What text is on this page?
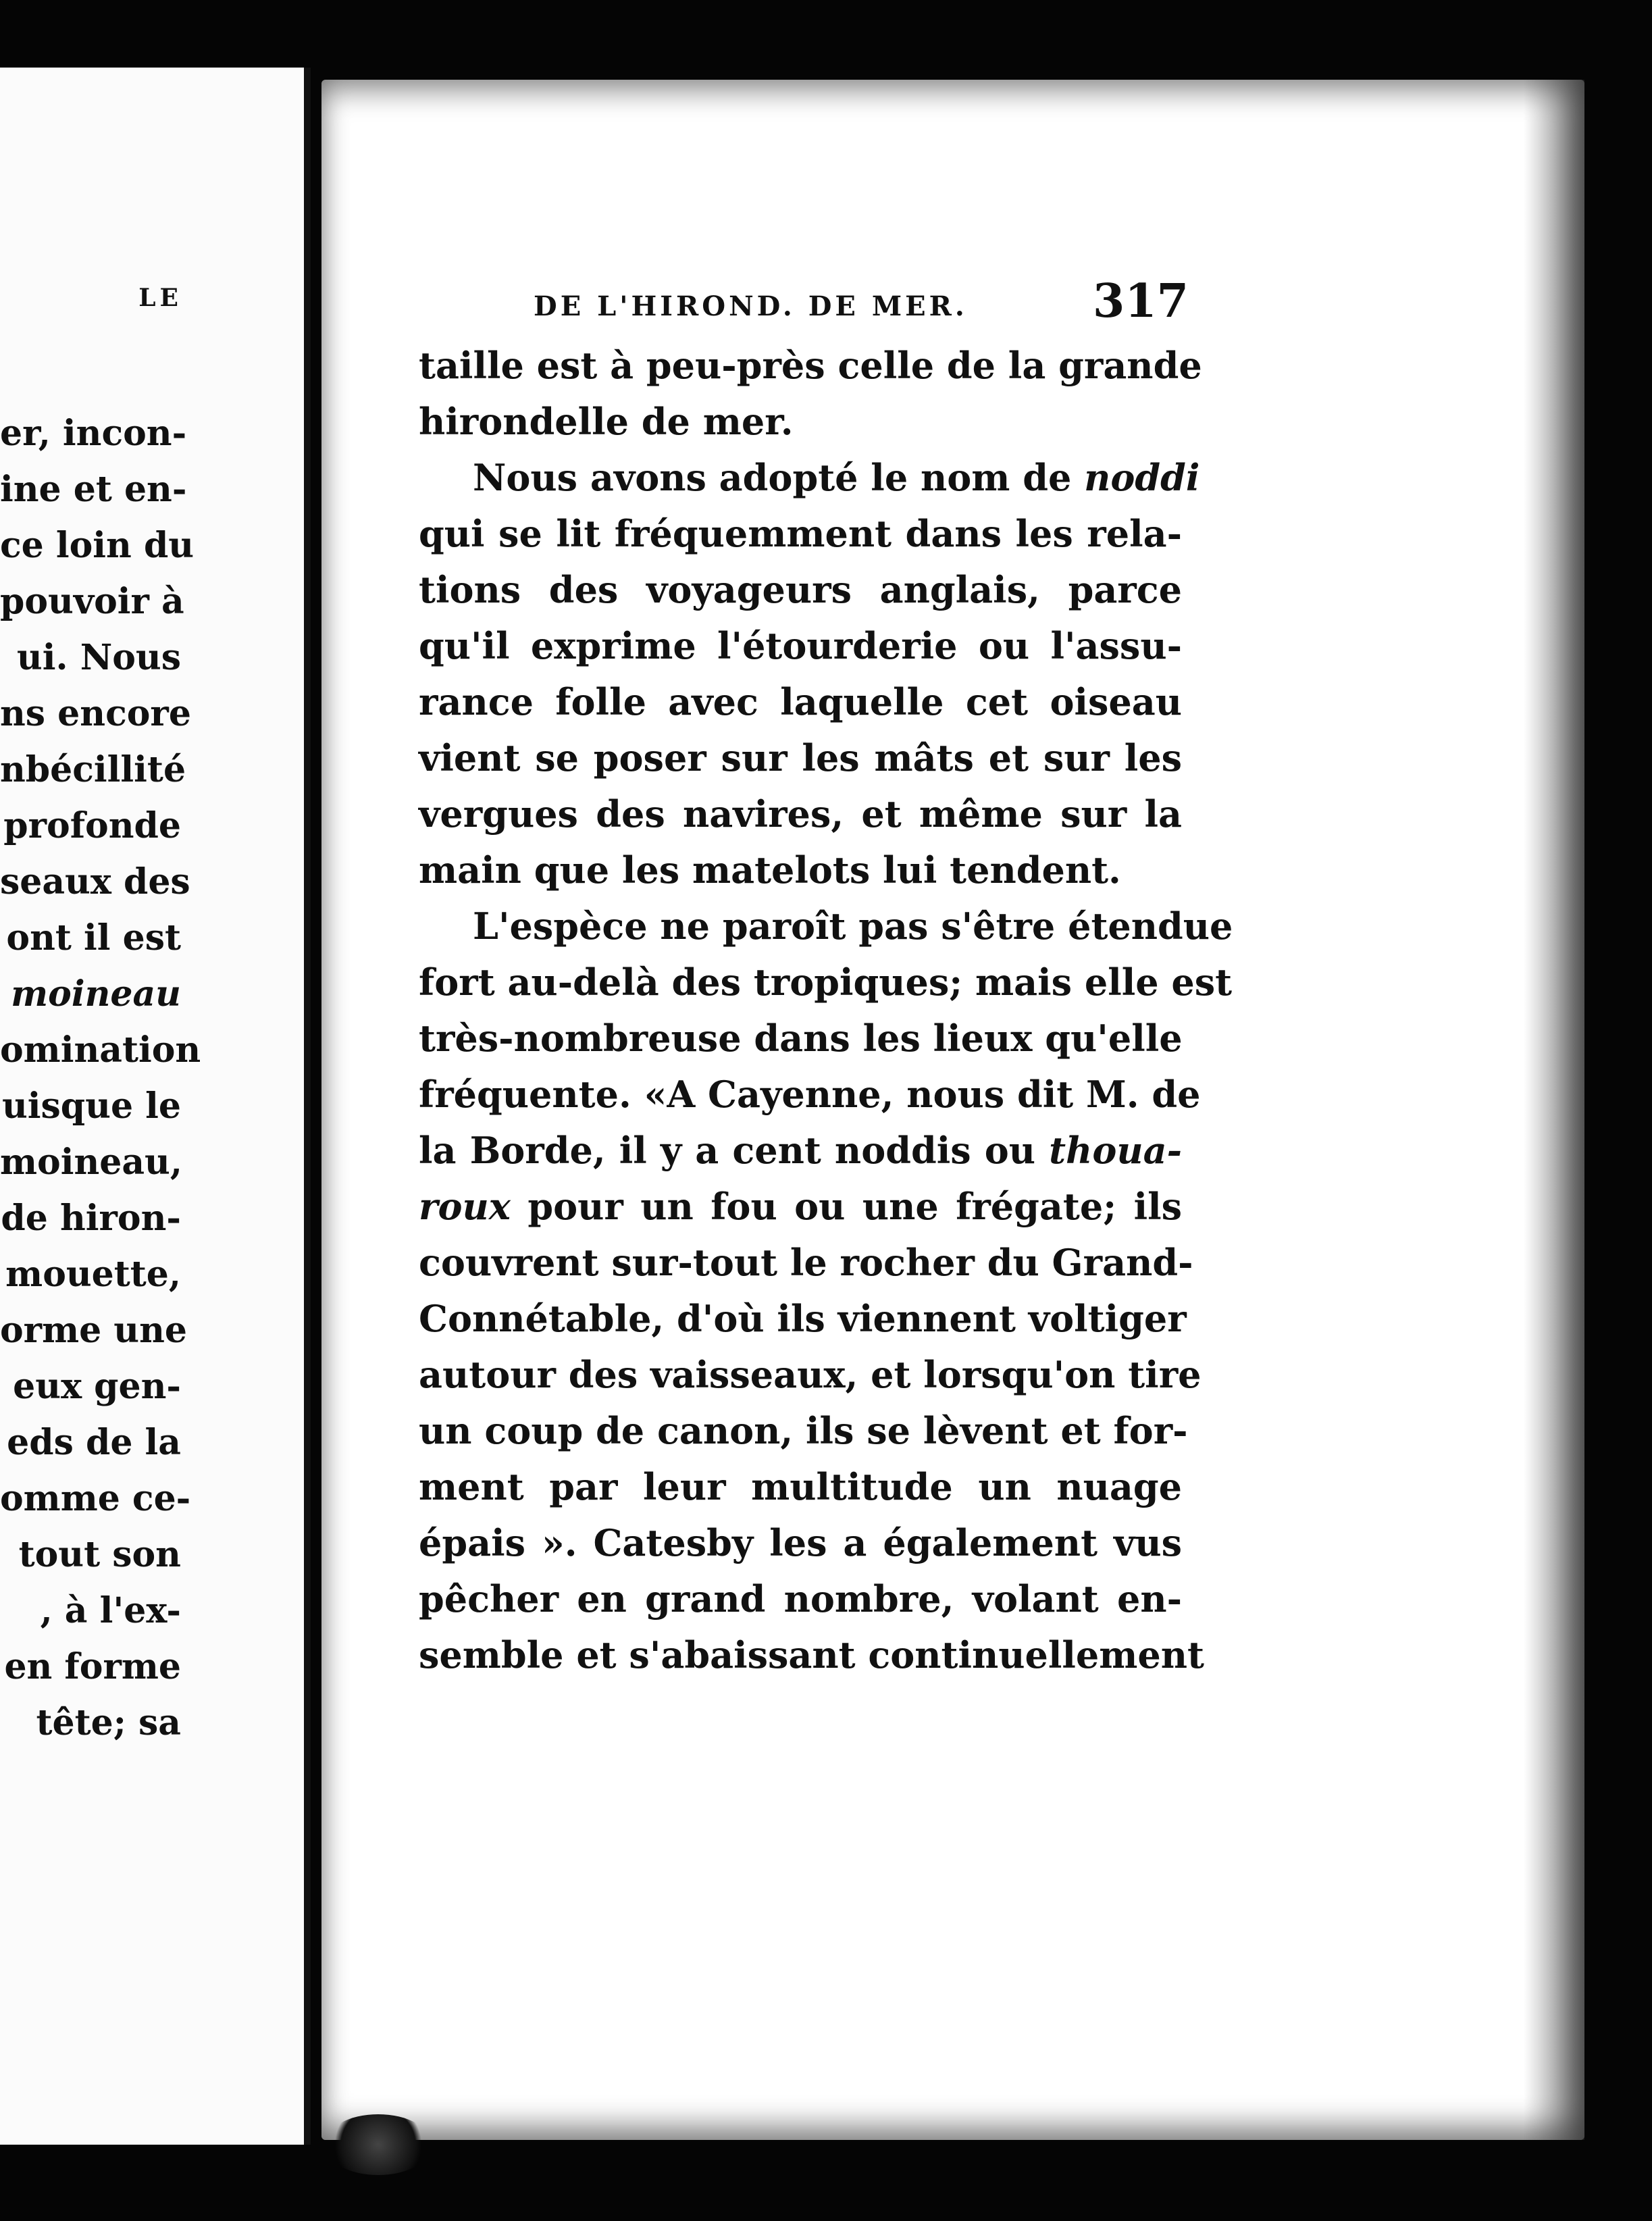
LE
er, incon-
ine et en-
ce loin du
pouvoir à
ui. Nous
ns encore
nbécillité
profonde
seaux des
ont il est
moineau
omination
uisque le
moineau,
de hiron-
mouette,
orme une
eux gen-
eds de la
omme ce-
tout son
, à l'ex-
en forme
tête; sa
DE L'HIROND. DE MER.	317
taille est à peu-près celle de la grande
hirondelle de mer.
Nous avons adopté le nom de noddi
qui se lit fréquemment dans les rela-
tions des voyageurs anglais, parce
qu'il exprime l'étourderie ou l'assu-
rance folle avec laquelle cet oiseau
vient se poser sur les mâts et sur les
vergues des navires, et même sur la
main que les matelots lui tendent.
L'espèce ne paroît pas s'être étendue
fort au-delà des tropiques; mais elle est
très-nombreuse dans les lieux qu'elle
fréquente. «A Cayenne, nous dit M. de
la Borde, il y a cent noddis ou thoua-
roux pour un fou ou une frégate; ils
couvrent sur-tout le rocher du Grand-
Connétable, d'où ils viennent voltiger
autour des vaisseaux, et lorsqu'on tire
un coup de canon, ils se lèvent et for-
ment par leur multitude un nuage
épais ». Catesby les a également vus
pêcher en grand nombre, volant en-
semble et s'abaissant continuellement
